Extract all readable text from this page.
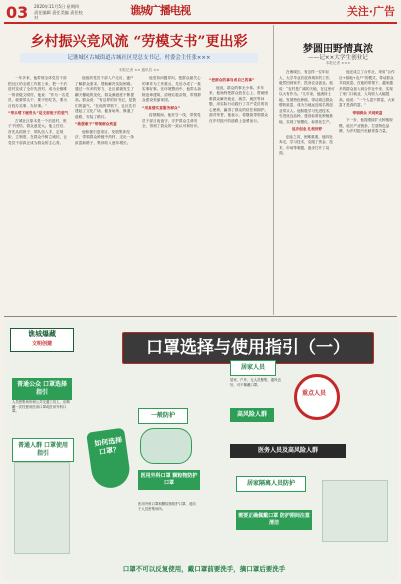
03 2020年11月5日 星期四
责任编辑 责任美编 责任校对
谯城广播电视	关注·广告
乡村振兴竞风流 “劳模支书”更出彩
记谯城区古城街道古城社区党总支书记、村委会主任张×××
本报记者 ×× 通讯员 ××
一年多来，他带领全体党员干部把社区的全面工作抓上来，把一个后进村变成了全市先进村，成为全镇唯一的省级文明村，他说：“作为一名党员，就要带头干、要不怕吃苦，要为百姓办实事、办好事。”
“带头啃下硬骨头”是支部班子的底气
古城社区原本是一个后进村，班子不团结，群众意见大。他上任后，首先从抓班子、带队伍入手，定规矩、立制度，在群众中树立威信，让党员干部真正成为群众的主心骨。
他组织党员干部入户走访，逐户了解群众需求，帮助解决实际困难。通过一年多的努力，社区面貌发生了翻天覆地的变化，群众满意度不断提高。群众说：“有这样的好书记，是我们的福气。”在他的带领下，社区先后建起了文化广场、健身场所，修通了道路，安装了路灯。
“敢想敢干”带领群众致富
他积极引进项目，发展集体经济，带领群众种植中药材，走出一条致富新路子，集体收入逐年增长。
他坚持问题导向，把群众最关心的事作为工作重点，先后办成了一批实事好事。在环境整治中，他带头拆除违章建筑，清理垃圾杂物，带领群众建设美丽家园。
“用真情实意服务群众”
疫情期间，他坚守一线，带领党员干部日夜值守，守护群众生命安全，得到了群众的一致认可和好评。
“把群众的事当成自己的事”
他说，群众的事无小事。多年来，他始终把群众放在心上，帮助困难群众解决就业、就学、就医等问题，用实际行动践行了共产党员的初心使命，赢得了群众的信任和拥护。面对荣誉，他表示，将继续带领群众在乡村振兴的道路上奋勇前行。
梦圆田野情真浓
——记××大学生创业记
本报记者 ×××
在谯城区，有这样一位年轻人，大学毕业后放弃城市的工作，毅然回到家乡，投身农业创业。他说：“农村是广阔的天地，在这里可以大有作为。”几年来，他流转土地，发展特色种植，带动周边群众增收致富，成为当地远近闻名的创业带头人。他积极学习先进技术，引进优良品种，建设标准化种植基地，实现了规模化、标准化生产。
返乡创业 扎根田野
创业之初，困难重重，他四处奔走，学习技术，克服了资金、技术、市场等难题，逐步打开了局面。
他还成立了合作社，采用“合作社+基地+农户”的模式，带动群众共同致富。在他的带领下，越来越多的群众加入到合作社中来，实现了家门口就业，人均收入大幅提高。他说：“一个人富不算富，大家富才是真的富。”
带领群众 共同致富
下一步，他将继续扩大种植规模，延长产业链条，打造特色品牌，为乡村振兴贡献青春力量。
谯城爆藏
文明创建	口罩选择与使用指引（一）
普通公众 口罩选择指引
人员密集场所和公共交通工具上，应佩戴一次性使用医用口罩或医用外科口罩。
普通人群 口罩使用指引
如何选择口罩？
一般防护
医用外科口罩 颗粒物防护口罩
医用外科口罩和颗粒物防护口罩，适用于人员密集场所。
居家人员
居家、户外，无人员聚集、通风良好，可不佩戴口罩。
高风险人群
医务人员及高风险人群
重点人员
居家隔离人员防护
需要正确佩戴口罩 防护期间注意清洁
口罩不可以反复使用，戴口罩前要洗手，摘口罩后要洗手
